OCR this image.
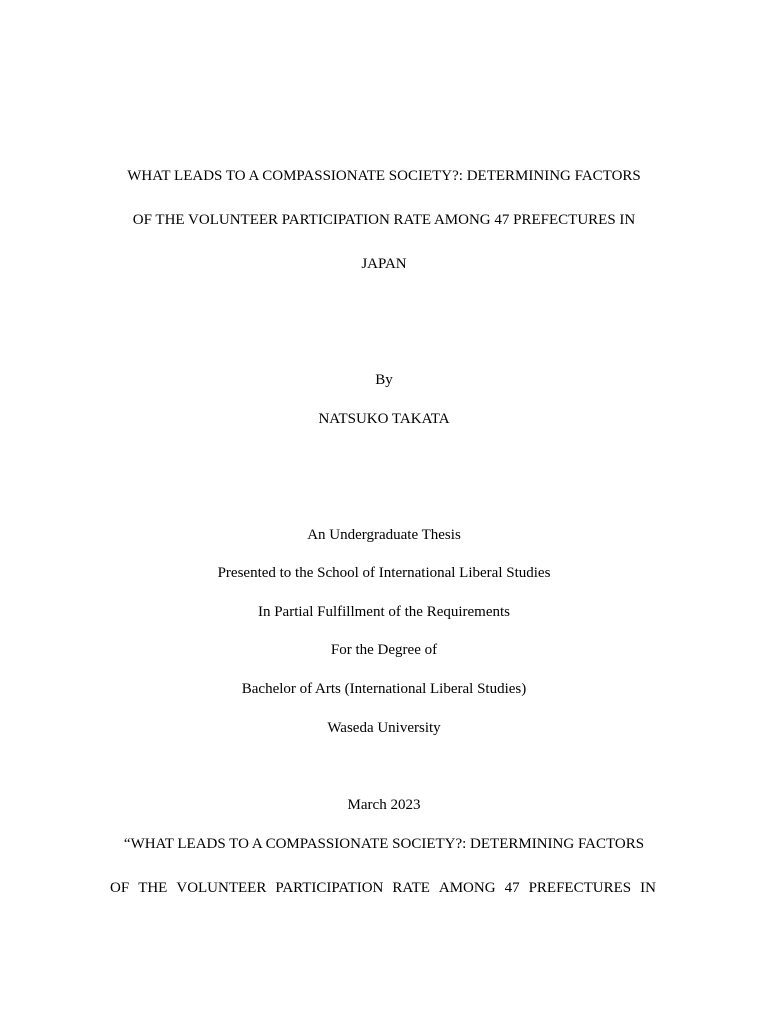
WHAT LEADS TO A COMPASSIONATE SOCIETY?: DETERMINING FACTORS
OF THE VOLUNTEER PARTICIPATION RATE AMONG 47 PREFECTURES IN
JAPAN
By
NATSUKO TAKATA
An Undergraduate Thesis
Presented to the School of International Liberal Studies
In Partial Fulfillment of the Requirements
For the Degree of
Bachelor of Arts (International Liberal Studies)
Waseda University
March 2023
“WHAT LEADS TO A COMPASSIONATE SOCIETY?: DETERMINING FACTORS
OF THE VOLUNTEER PARTICIPATION RATE AMONG 47 PREFECTURES IN
